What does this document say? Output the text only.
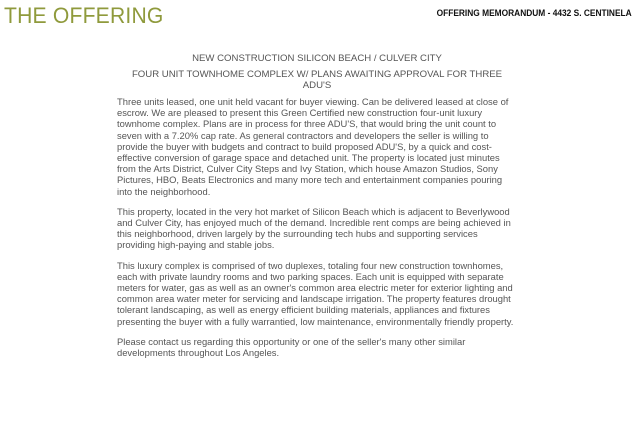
THE OFFERING	OFFERING MEMORANDUM - 4432 S. CENTINELA
NEW CONSTRUCTION SILICON BEACH / CULVER CITY
FOUR UNIT TOWNHOME COMPLEX W/ PLANS AWAITING APPROVAL FOR THREE ADU'S
Three units leased, one unit held vacant for buyer viewing. Can be delivered leased at close of escrow. We are pleased to present this Green Certified new construction four-unit luxury townhome complex. Plans are in process for three ADU'S, that would bring the unit count to seven with a 7.20% cap rate. As general contractors and developers the seller is willing to provide the buyer with budgets and contract to build proposed ADU'S, by a quick and cost-effective conversion of garage space and detached unit. The property is located just minutes from the Arts District, Culver City Steps and Ivy Station, which house Amazon Studios, Sony Pictures, HBO, Beats Electronics and many more tech and entertainment companies pouring into the neighborhood.
This property, located in the very hot market of Silicon Beach which is adjacent to Beverlywood and Culver City, has enjoyed much of the demand. Incredible rent comps are being achieved in this neighborhood, driven largely by the surrounding tech hubs and supporting services providing high-paying and stable jobs.
This luxury complex is comprised of two duplexes, totaling four new construction townhomes, each with private laundry rooms and two parking spaces. Each unit is equipped with separate meters for water, gas as well as an owner's common area electric meter for exterior lighting and common area water meter for servicing and landscape irrigation. The property features drought tolerant landscaping, as well as energy efficient building materials, appliances and fixtures presenting the buyer with a fully warrantied, low maintenance, environmentally friendly property.
Please contact us regarding this opportunity or one of the seller's many other similar developments throughout Los Angeles.
